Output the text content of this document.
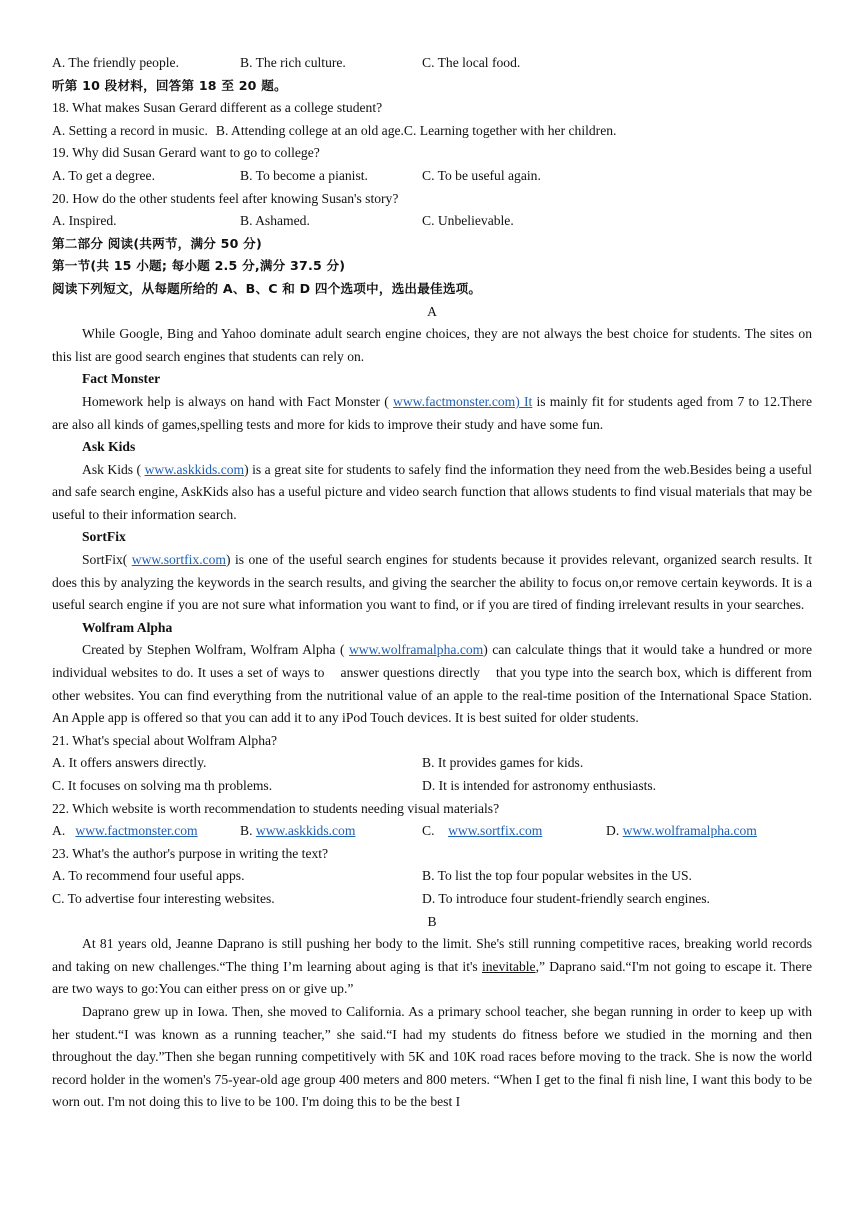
A. The friendly people.	B. The rich culture.	C. The local food.
听第 10 段材料，回答第 18 至 20 题。
18. What makes Susan Gerard different as a college student?
A. Setting a record in music. B. Attending college at an old age.C. Learning together with her children.
19. Why did Susan Gerard want to go to college?
A. To get a degree.	B. To become a pianist.	C. To be useful again.
20. How do the other students feel after knowing Susan's story?
A. Inspired.	B. Ashamed.	C. Unbelievable.
第二部分 阅读(共两节，满分 50 分)
第一节(共 15 小题; 每小题 2.5 分,满分 37.5 分)
阅读下列短文，从每题所给的 A、B、C 和 D 四个选项中，选出最佳选项。
A
While Google, Bing and Yahoo dominate adult search engine choices, they are not always the best choice for students. The sites on this list are good search engines that students can rely on.
Fact Monster
Homework help is always on hand with Fact Monster ( www.factmonster.com) It is mainly fit for students aged from 7 to 12.There are also all kinds of games,spelling tests and more for kids to improve their study and have some fun.
Ask Kids
Ask Kids ( www.askkids.com) is a great site for students to safely find the information they need from the web.Besides being a useful and safe search engine, AskKids also has a useful picture and video search function that allows students to find visual materials that may be useful to their information search.
SortFix
SortFix( www.sortfix.com) is one of the useful search engines for students because it provides relevant, organized search results. It does this by analyzing the keywords in the search results, and giving the searcher the ability to focus on,or remove certain keywords. It is a useful search engine if you are not sure what information you want to find, or if you are tired of finding irrelevant results in your searches.
Wolfram Alpha
Created by Stephen Wolfram, Wolfram Alpha ( www.wolframalpha.com) can calculate things that it would take a hundred or more individual websites to do. It uses a set of ways to    answer questions directly    that you type into the search box, which is different from other websites. You can find everything from the nutritional value of an apple to the real-time position of the International Space Station. An Apple app is offered so that you can add it to any iPod Touch devices. It is best suited for older students.
21. What's special about Wolfram Alpha?
A. It offers answers directly.	B. It provides games for kids.
C. It focuses on solving ma th problems.	D. It is intended for astronomy enthusiasts.
22. Which website is worth recommendation to students needing visual materials?
A. www.factmonster.com	B. www.askkids.com	C. www.sortfix.com	D. www.wolframalpha.com
23. What's the author's purpose in writing the text?
A. To recommend four useful apps.	B. To list the top four popular websites in the US.
C. To advertise four interesting websites.	D. To introduce four student-friendly search engines.
B
At 81 years old, Jeanne Daprano is still pushing her body to the limit. She's still running competitive races, breaking world records and taking on new challenges.“The thing I’m learning about aging is that it's inevitable,” Daprano said.“I'm not going to escape it. There are two ways to go:You can either press on or give up.”
Daprano grew up in Iowa. Then, she moved to California. As a primary school teacher, she began running in order to keep up with her student.“I was known as a running teacher,” she said.“I had my students do fitness before we studied in the morning and then throughout the day.”Then she began running competitively with 5K and 10K road races before moving to the track. She is now the world record holder in the women's 75-year-old age group 400 meters and 800 meters. “When I get to the final fi nish line, I want this body to be worn out. I'm not doing this to live to be 100. I'm doing this to be the best I
